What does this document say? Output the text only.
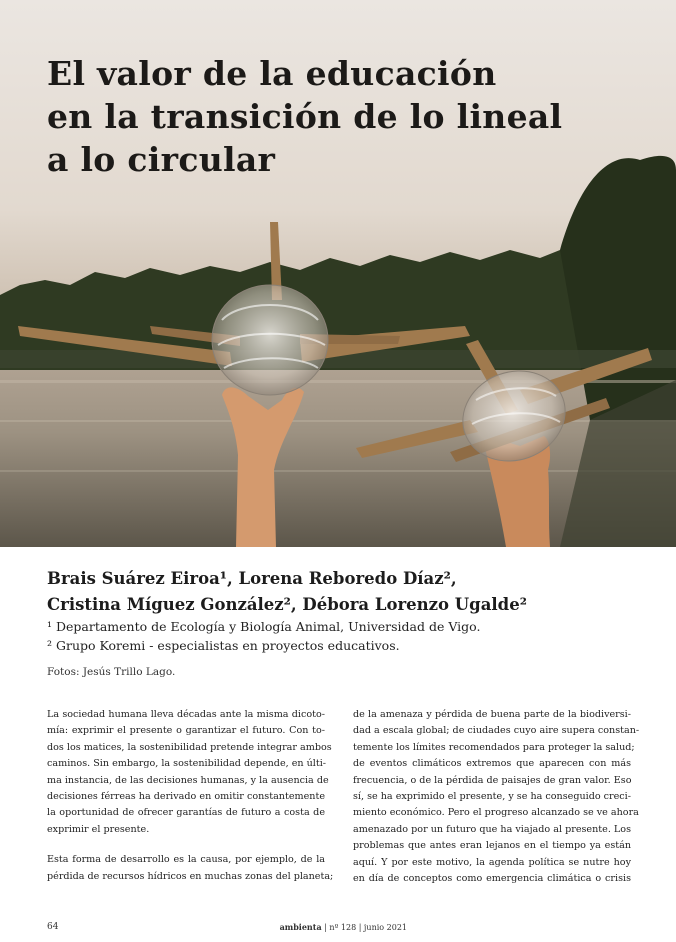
El valor de la educación
en la transición de lo lineal
a lo circular
Brais Suárez Eiroa¹, Lorena Reboredo Díaz²,
Cristina Míguez González², Débora Lorenzo Ugalde²
¹ Departamento de Ecología y Biología Animal, Universidad de Vigo.
² Grupo Koremi - especialistas en proyectos educativos.
Fotos: Jesús Trillo Lago.

La sociedad humana lleva décadas ante la misma dicoto-
mía: exprimir el presente o garantizar el futuro. Con to-
dos los matices, la sostenibilidad pretende integrar ambos
caminos. Sin embargo, la sostenibilidad depende, en últi-
ma instancia, de las decisiones humanas, y la ausencia de
decisiones férreas ha derivado en omitir constantemente
la oportunidad de ofrecer garantías de futuro a costa de
exprimir el presente.

Esta forma de desarrollo es la causa, por ejemplo, de la
pérdida de recursos hídricos en muchas zonas del planeta;

de la amenaza y pérdida de buena parte de la biodiversi-
dad a escala global; de ciudades cuyo aire supera constan-
temente los límites recomendados para proteger la salud;
de eventos climáticos extremos que aparecen con más
frecuencia, o de la pérdida de paisajes de gran valor. Eso
sí, se ha exprimido el presente, y se ha conseguido creci-
miento económico. Pero el progreso alcanzado se ve ahora
amenazado por un futuro que ha viajado al presente. Los
problemas que antes eran lejanos en el tiempo ya están
aquí. Y por este motivo, la agenda política se nutre hoy
en día de conceptos como emergencia climática o crisis

64	ambienta | nº 128 | junio 2021
